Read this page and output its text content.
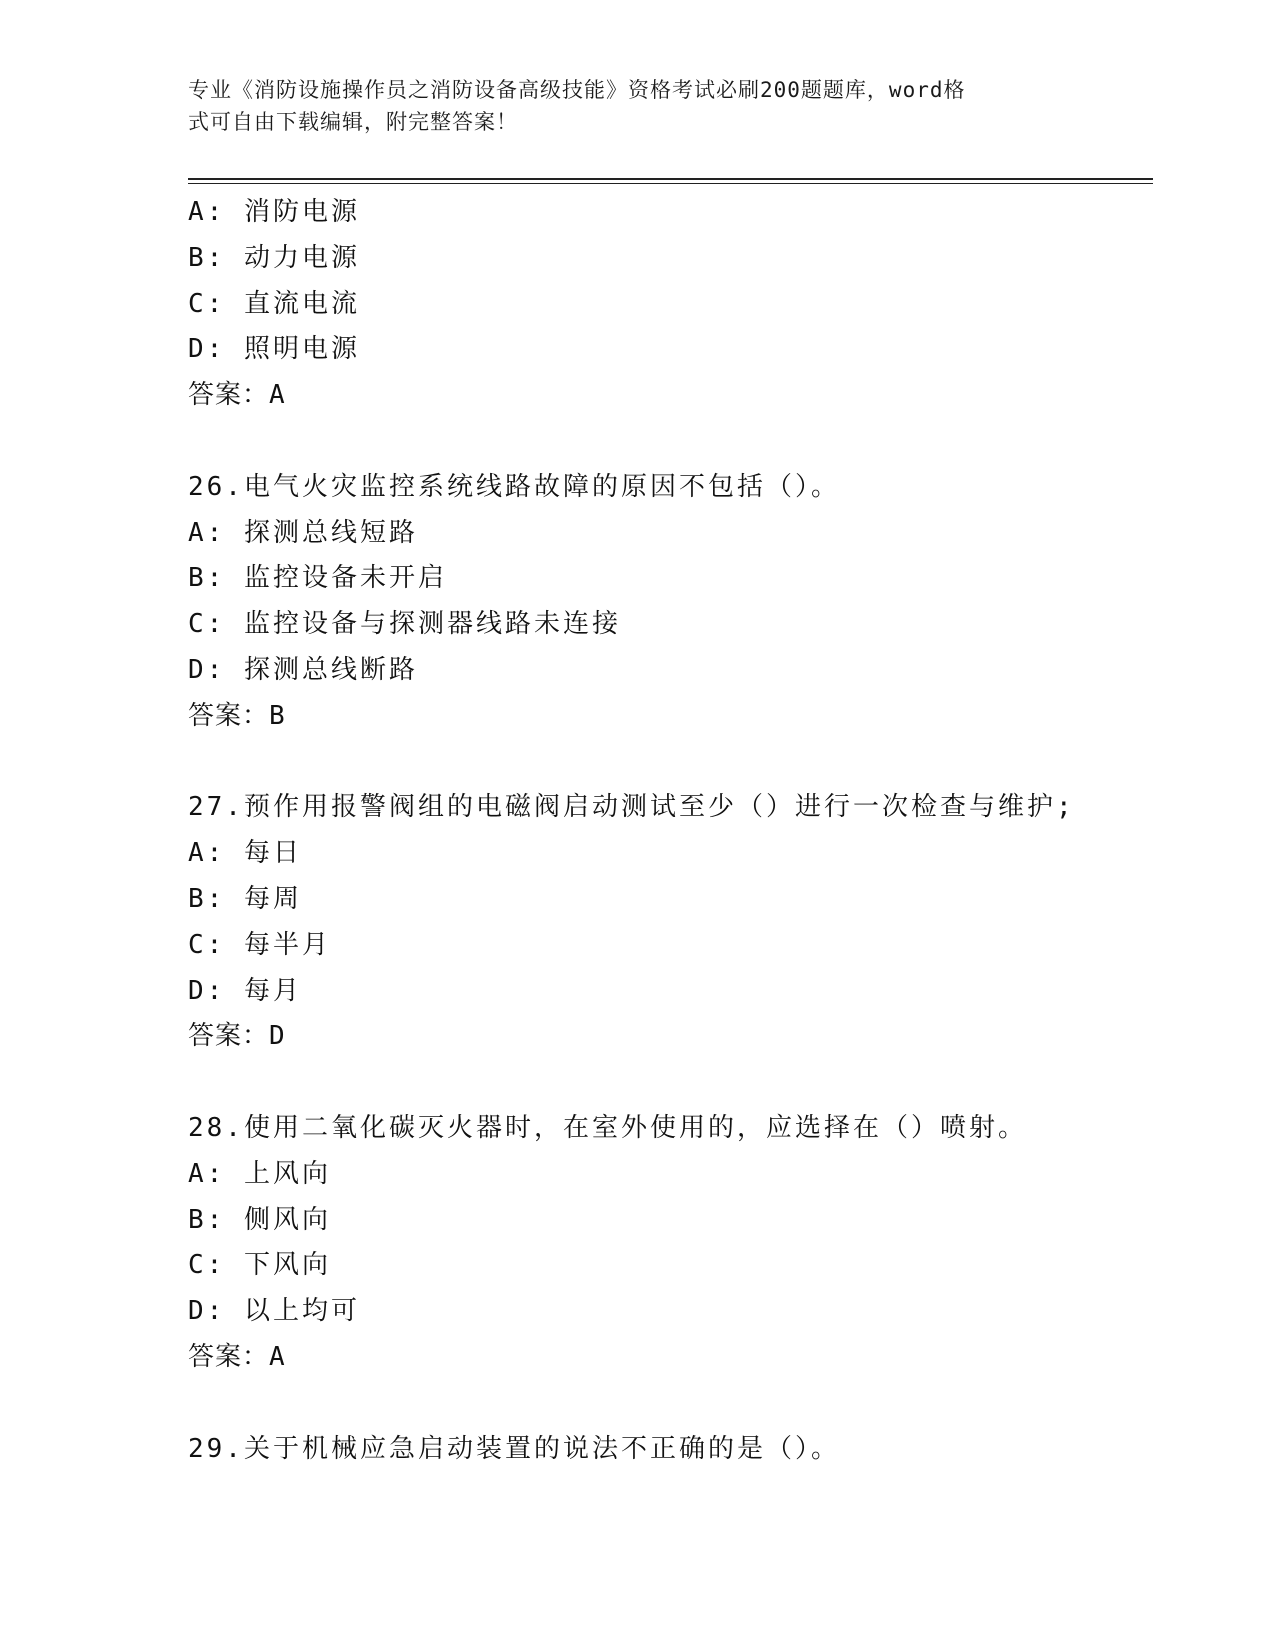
专业《消防设施操作员之消防设备高级技能》资格考试必刷200题题库，word格
式可自由下载编辑，附完整答案！
A: 消防电源
B: 动力电源
C: 直流电流
D: 照明电源
答案：A
26.电气火灾监控系统线路故障的原因不包括（）。
A: 探测总线短路
B: 监控设备未开启
C: 监控设备与探测器线路未连接
D: 探测总线断路
答案：B
27.预作用报警阀组的电磁阀启动测试至少（）进行一次检查与维护;
A: 每日
B: 每周
C: 每半月
D: 每月
答案：D
28.使用二氧化碳灭火器时，在室外使用的，应选择在（）喷射。
A: 上风向
B: 侧风向
C: 下风向
D: 以上均可
答案：A
29.关于机械应急启动装置的说法不正确的是（）。
